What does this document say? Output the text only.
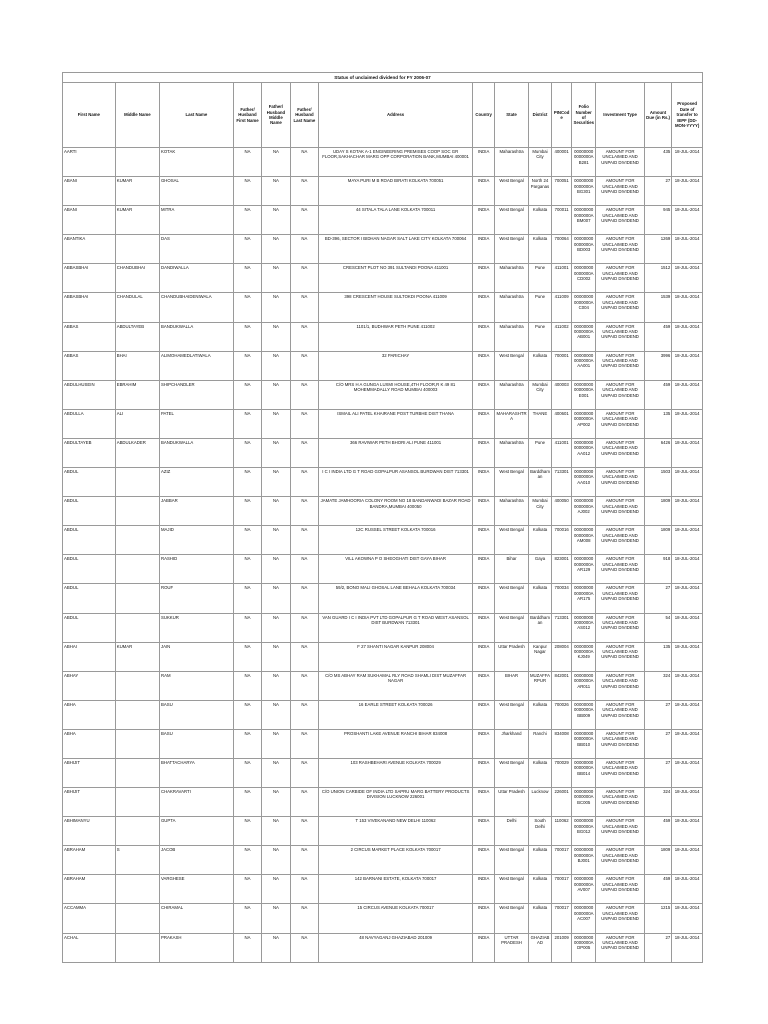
Status of unclaimed dividend for FY 2006-07														
First Name	Middle Name	Last Name	Father/ Husband First Name	Father/ Husband Middle Name	Father/ Husband Last Name	Address	Country	State	District	PINCode	Folio Number of Securities	Investment Type	Amount Due (in Rs.)	Proposed Date of transfer to IEPF (DD-MON-YYYY)
AARTI		KOTAK	NA	NA	NA	UDAY S KOTAK A-1 ENGINEERING PREMISES COOP SOC GR FLOOR,SAKHACHAR MARG OPP CORPORATION BANK,MUMBAI 400001	INDIA	Maharashtra	Mumbai City	400001	000000000000000AB281	AMOUNT FOR UNCLAIMED AND UNPAID DIVIDEND	435	18-JUL-2014
ABANI	KUMAR	GHOSAL	NA	NA	NA	MAYA PURI M B ROAD BIRATI KOLKATA 700051	INDIA	West Bengal	North 24 Parganas	700051	000000000000000ABG301	AMOUNT FOR UNCLAIMED AND UNPAID DIVIDEND	27	18-JUL-2014
ABANI	KUMAR	MITRA	NA	NA	NA	44 SITALA TALA LANE KOLKATA 700011	INDIA	West Bengal	Kolkata	700011	000000000000000ABM007	AMOUNT FOR UNCLAIMED AND UNPAID DIVIDEND	945	18-JUL-2014
ABANTIKA		DAS	NA	NA	NA	BD-396, SECTOR I BIDHAN NAGAR SALT LAKE CITY KOLKATA 700064	INDIA	West Bengal	Kolkata	700064	000000000000000ABD003	AMOUNT FOR UNCLAIMED AND UNPAID DIVIDEND	1269	18-JUL-2014
ABBASBHAI	CHANDUBHAI	DANDIWALLA	NA	NA	NA	CRESCENT PLOT NO 391 SULTANDI POONA 411001	INDIA	Maharashtra	Pune	411001	000000000000000ACD002	AMOUNT FOR UNCLAIMED AND UNPAID DIVIDEND	1512	18-JUL-2014
ABBASBHAI	CHANDULAL	CHANDUBHAIDENIWALA	NA	NA	NA	398 CRESCENT HOUSE SULTOKDI POONA 411009	INDIA	Maharashtra	Pune	411009	000000000000000AC004	AMOUNT FOR UNCLAIMED AND UNPAID DIVIDEND	1539	18-JUL-2014
ABBAS	ABDULTAYEB	BANDUKWALLA	NA	NA	NA	1101/1, BUDHWAR PETH PUNE 411002	INDIA	Maharashtra	Pune	411002	000000000000000AAB001	AMOUNT FOR UNCLAIMED AND UNPAID DIVIDEND	459	18-JUL-2014
ABBAS	BHAI	ALIMOHAMEDLATIWALA	NA	NA	NA	32 PARICHAY	INDIA	West Bengal	Kolkata	700001	000000000000000AAA001	AMOUNT FOR UNCLAIMED AND UNPAID DIVIDEND	3996	18-JUL-2014
ABDULHUSEIN	EBRAHIM	SHIPCHANDLER	NA	NA	NA	C/O MRS H A GUNGA LUXMI HOUSE,4TH FLOOR,R K 49 81 MOHEMMADALLY ROAD MUMBAI 400003	INDIA	Maharashtra	Mumbai City	400003	000000000000000AE001	AMOUNT FOR UNCLAIMED AND UNPAID DIVIDEND	459	18-JUL-2014
ABDULLA	ALI	PATEL	NA	NA	NA	ISMAIL ALI PATEL KHAIRANE POST TURBHE DIST THANA	INDIA	MAHARASHTRA	THANE	400601	000000000000000AAP002	AMOUNT FOR UNCLAIMED AND UNPAID DIVIDEND	135	18-JUL-2014
ABDULTAYEB	ABDULKADER	BANDUKWALLA	NA	NA	NA	366 RAVIWAR PETH BHORI ALI PUNE 411001	INDIA	Maharashtra	Pune	411001	000000000000000AAA012	AMOUNT FOR UNCLAIMED AND UNPAID DIVIDEND	6426	18-JUL-2014
ABDUL		AZIZ	NA	NA	NA	I C I INDIA LTD G T ROAD GOPALPUR ASANSOL BURDWAN DIST 713301	INDIA	West Bengal	Barddhaman	713301	000000000000000AAA010	AMOUNT FOR UNCLAIMED AND UNPAID DIVIDEND	1503	18-JUL-2014
ABDUL		JABBAR	NA	NA	NA	JAMATE JAMHOORIA COLONY ROOM NO 18 BANDANWADI BAZAR ROAD BANDRA,MUMBAI 400050	INDIA	Maharashtra	Mumbai City	400050	000000000000000AAJ002	AMOUNT FOR UNCLAIMED AND UNPAID DIVIDEND	1809	18-JUL-2014
ABDUL		MAJID	NA	NA	NA	12C RUSSEL STREET KOLKATA 700016	INDIA	West Bengal	Kolkata	700016	000000000000000AAM008	AMOUNT FOR UNCLAIMED AND UNPAID DIVIDEND	1809	18-JUL-2014
ABDUL		RASHID	NA	NA	NA	VILL AKOWNA P O SHEOGHATI DIST GAYA BIHAR	INDIA	Bihar	Gaya	823001	000000000000000AAR129	AMOUNT FOR UNCLAIMED AND UNPAID DIVIDEND	918	18-JUL-2014
ABDUL		ROUF	NA	NA	NA	59/2, BONO MALI GHOSAL LANE BEHALA KOLKATA 700034	INDIA	West Bengal	Kolkata	700034	000000000000000AAR175	AMOUNT FOR UNCLAIMED AND UNPAID DIVIDEND	27	18-JUL-2014
ABDUL		SUKKUR	NA	NA	NA	VAN GUARD I C I INDIA PVT LTD GOPALPUR G T ROAD WEST ASANSOL DIST BURDWAN 713301	INDIA	West Bengal	Barddhaman	713301	000000000000000AAS012	AMOUNT FOR UNCLAIMED AND UNPAID DIVIDEND	54	18-JUL-2014
ABHAI	KUMAR	JAIN	NA	NA	NA	F 27 SHANTI NAGAR KANPUR 208004	INDIA	Uttar Pradesh	Kanpur Nagar	208004	000000000000000AKJ049	AMOUNT FOR UNCLAIMED AND UNPAID DIVIDEND	135	18-JUL-2014
ABHAY		RAM	NA	NA	NA	C/O MS ABHAY RAM SUKHAMAL RLY ROAD SHAMLI DIST MUZAFFAR NAGAR	INDIA	BIHAR	MUZAFFARPUR	842001	000000000000000AAR011	AMOUNT FOR UNCLAIMED AND UNPAID DIVIDEND	324	18-JUL-2014
ABHA		BASU	NA	NA	NA	16 EARLE STREET KOLKATA 700026	INDIA	West Bengal	Kolkata	700026	000000000000000ABB009	AMOUNT FOR UNCLAIMED AND UNPAID DIVIDEND	27	18-JUL-2014
ABHA		BASU	NA	NA	NA	PROSHANTI LAKE AVENUE RANCHI BIHAR 834008	INDIA	Jharkhand	Ranchi	834008	000000000000000ABB010	AMOUNT FOR UNCLAIMED AND UNPAID DIVIDEND	27	18-JUL-2014
ABHIJIT		BHATTACHARYA	NA	NA	NA	103 RASHBEHARI AVENUE KOLKATA 700029	INDIA	West Bengal	Kolkata	700029	000000000000000ABB014	AMOUNT FOR UNCLAIMED AND UNPAID DIVIDEND	27	18-JUL-2014
ABHIJIT		CHAKRAVARTI	NA	NA	NA	C/O UNION CARBIDE OF INDIA LTD SAPRU MARG BATTERY PRODUCTS DIVISION LUCKNOW 226001	INDIA	Uttar Pradesh	Lucknow	226001	000000000000000ABC005	AMOUNT FOR UNCLAIMED AND UNPAID DIVIDEND	324	18-JUL-2014
ABHIMANYU		GUPTA	NA	NA	NA	T 153 VIVEKANAND NEW DELHI 110062	INDIA	Delhi	South Delhi	110062	000000000000000ABG012	AMOUNT FOR UNCLAIMED AND UNPAID DIVIDEND	459	18-JUL-2014
ABRAHAM	S	JACOB	NA	NA	NA	2 CIRCUS MARKET PLACE KOLKATA 700017	INDIA	West Bengal	Kolkata	700017	000000000000000ABJ001	AMOUNT FOR UNCLAIMED AND UNPAID DIVIDEND	1809	18-JUL-2014
ABRAHAM		VARGHESE	NA	NA	NA	142 BARNANI ESTATE, KOLKATA 700017	INDIA	West Bengal	Kolkata	700017	000000000000000AAV007	AMOUNT FOR UNCLAIMED AND UNPAID DIVIDEND	459	18-JUL-2014
ACCAMMA		CHIRAMAL	NA	NA	NA	15 CIRCUS AVENUE KOLKATA 700017	INDIA	West Bengal	Kolkata	700017	000000000000000AAC007	AMOUNT FOR UNCLAIMED AND UNPAID DIVIDEND	1215	18-JUL-2014
ACHAL		PRAKASH	NA	NA	NA	48 NAVYAGANJ GHAZIABAD 201009	INDIA	UTTAR PRADESH	GHAZIABAD	201009	000000000000000ADP005	AMOUNT FOR UNCLAIMED AND UNPAID DIVIDEND	27	18-JUL-2014
